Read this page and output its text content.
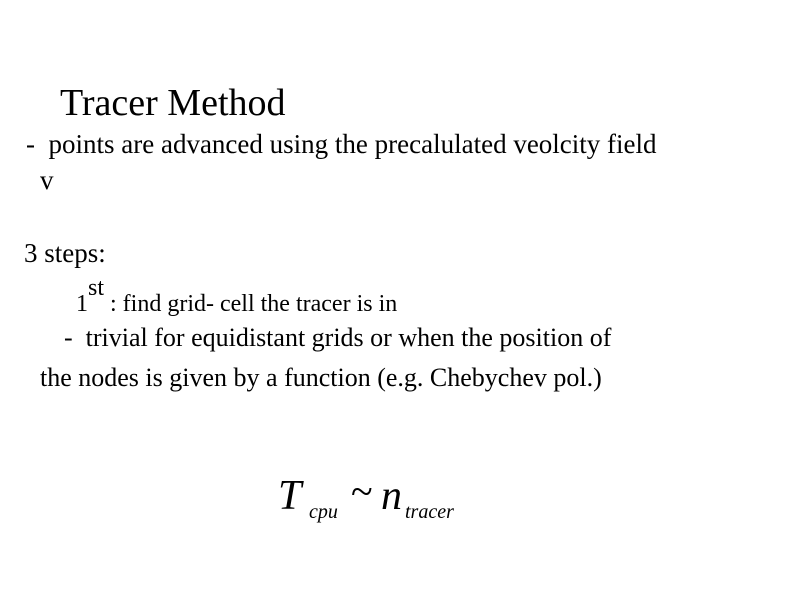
Tracer Method
- points are advanced using the precalulated veolcity field
v
3 steps:
1st : find grid- cell the tracer is in
- trivial for equidistant grids or when the position of
the nodes is given by a function (e.g. Chebychev pol.)
T cpu ~ n tracer
